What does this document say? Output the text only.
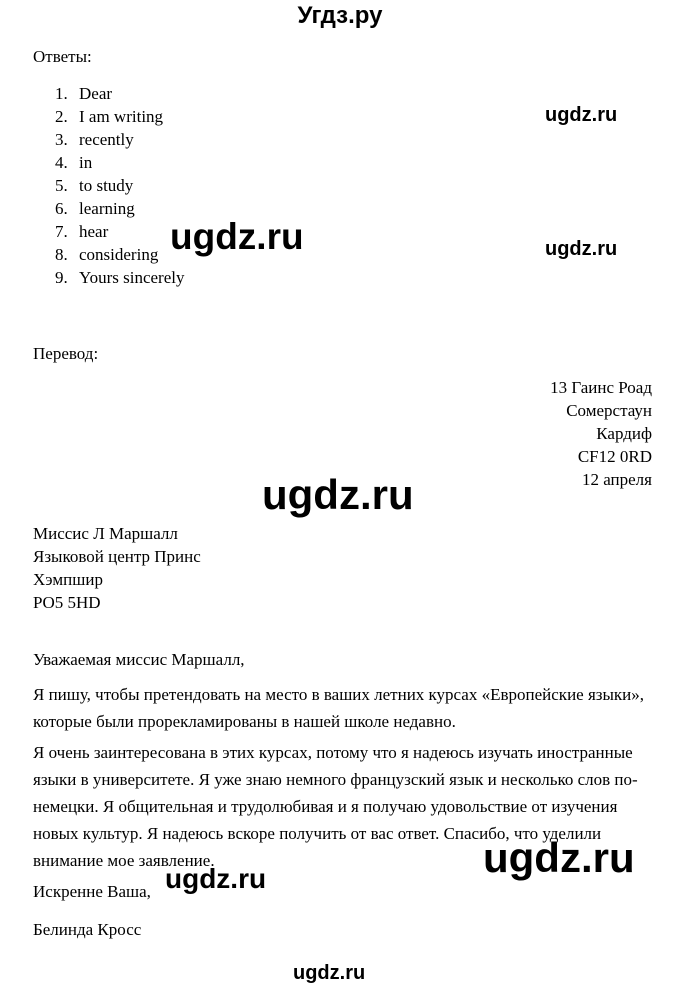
Угдз.ру
Ответы:
1. Dear
2. I am writing
3. recently
4. in
5. to study
6. learning
7. hear
8. considering
9. Yours sincerely
Перевод:
13 Гаинс Роад
Сомерстаун
Кардиф
CF12 0RD
12 апреля
Миссис Л Маршалл
Языковой центр Принс
Хэмпшир
PO5 5HD
Уважаемая миссис Маршалл,
Я пишу, чтобы претендовать на место в ваших летних курсах «Европейские языки», которые были прорекламированы в нашей школе недавно.
Я очень заинтересована в этих курсах, потому что я надеюсь изучать иностранные языки в университете. Я уже знаю немного французский язык и несколько слов по-немецки. Я общительная и трудолюбивая и я получаю удовольствие от изучения новых культур. Я надеюсь вскоре получить от вас ответ. Спасибо, что уделили внимание мое заявление.
Искренне Ваша,
Белинда Кросс
ugdz.ru
ugdz.ru	ugdz.ru
ugdz.ru
ugdz.ru
ugdz.ru
ugdz.ru
